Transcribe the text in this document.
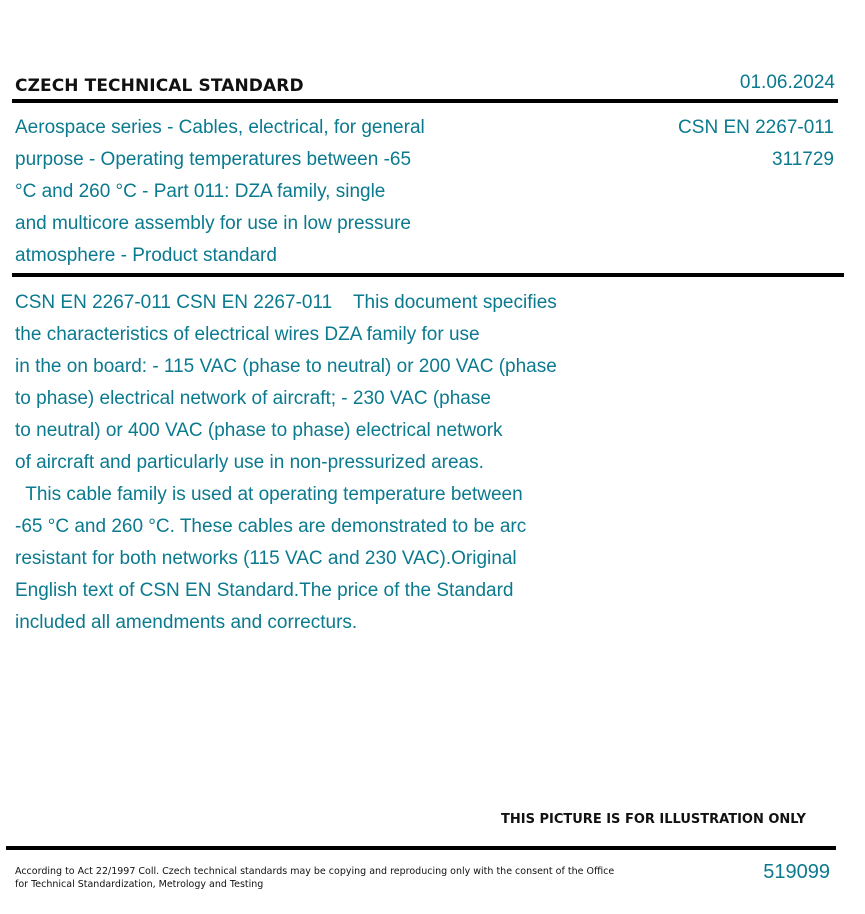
CZECH TECHNICAL STANDARD	01.06.2024
Aerospace series - Cables, electrical, for general
purpose - Operating temperatures between -65
°C and 260 °C - Part 011: DZA family, single
and multicore assembly for use in low pressure
atmosphere - Product standard
CSN EN 2267-011
311729
CSN EN 2267-011 CSN EN 2267-011    This document specifies
the characteristics of electrical wires DZA family for use
in the on board: - 115 VAC (phase to neutral) or 200 VAC (phase
to phase) electrical network of aircraft; - 230 VAC (phase
to neutral) or 400 VAC (phase to phase) electrical network
of aircraft and particularly use in non-pressurized areas.
This cable family is used at operating temperature between
-65 °C and 260 °C. These cables are demonstrated to be arc
resistant for both networks (115 VAC and 230 VAC).Original
English text of CSN EN Standard.The price of the Standard
included all amendments and correcturs.
THIS PICTURE IS FOR ILLUSTRATION ONLY
According to Act 22/1997 Coll. Czech technical standards may be copying and reproducing only with the consent of the Office
for Technical Standardization, Metrology and Testing
519099
